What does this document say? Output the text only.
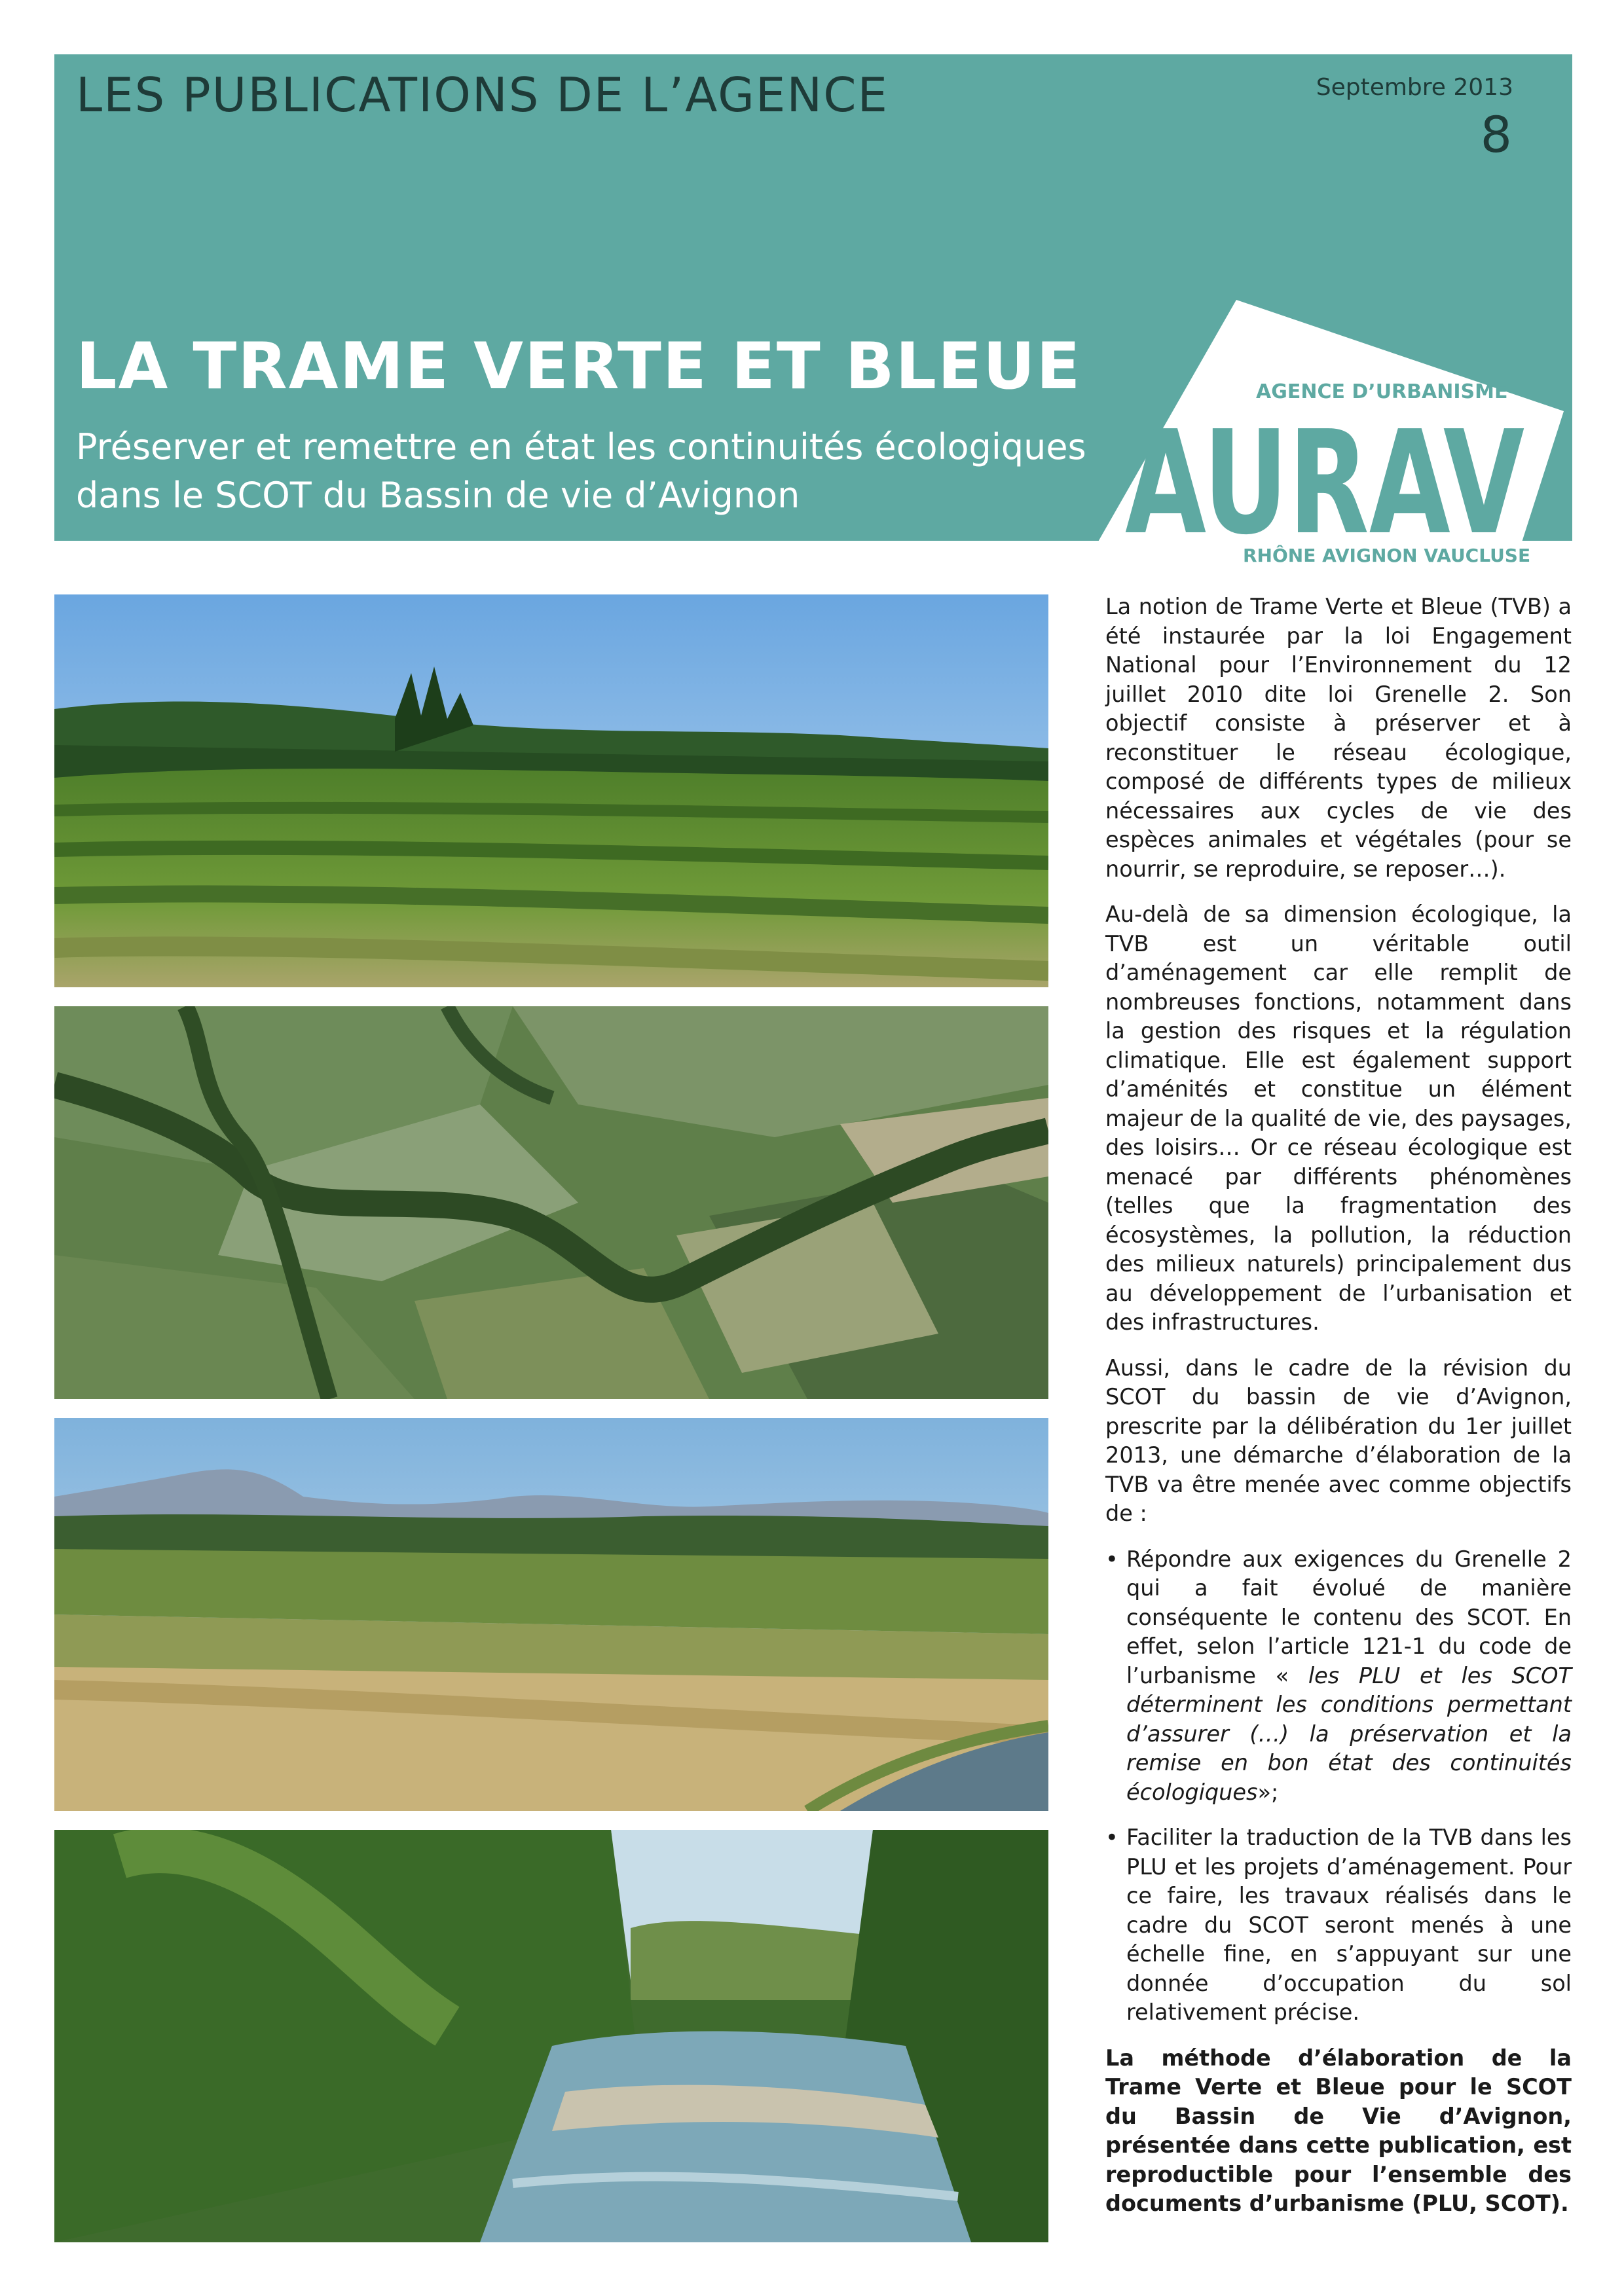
LES PUBLICATIONS DE L’AGENCE	Septembre 2013
8
LA TRAME VERTE ET BLEUE
Préserver et remettre en état les continuités écologiques
dans le SCOT du Bassin de vie d’Avignon
AGENCE D’URBANISME
AURAV
RHÔNE AVIGNON VAUCLUSE

La notion de Trame Verte et Bleue (TVB) a été instaurée par la loi Engagement National pour l’Environnement du 12 juillet 2010 dite loi Grenelle 2. Son objectif consiste à préserver et à reconstituer le réseau écologique, composé de différents types de milieux nécessaires aux cycles de vie des espèces animales et végétales (pour se nourrir, se reproduire, se reposer…).

Au-delà de sa dimension écologique, la TVB est un véritable outil d’aménagement car elle remplit de nombreuses fonctions, notamment dans la gestion des risques et la régulation climatique. Elle est également support d’aménités et constitue un élément majeur de la qualité de vie, des paysages, des loisirs… Or ce réseau écologique est menacé par différents phénomènes (telles que la fragmentation des écosystèmes, la pollution, la réduction des milieux naturels) principalement dus au développement de l’urbanisation et des infrastructures.

Aussi, dans le cadre de la révision du SCOT du bassin de vie d’Avignon, prescrite par la délibération du 1er juillet 2013, une démarche d’élaboration de la TVB va être menée avec comme objectifs de :

• Répondre aux exigences du Grenelle 2 qui a fait évolué de manière conséquente le contenu des SCOT. En effet, selon l’article 121-1 du code de l’urbanisme « les PLU et les SCOT déterminent les conditions permettant d’assurer (…) la préservation et la remise en bon état des continuités écologiques»;
• Faciliter la traduction de la TVB dans les PLU et les projets d’aménagement. Pour ce faire, les travaux réalisés dans le cadre du SCOT seront menés à une échelle fine, en s’appuyant sur une donnée d’occupation du sol relativement précise.

La méthode d’élaboration de la Trame Verte et Bleue pour le SCOT du Bassin de Vie d’Avignon, présentée dans cette publication, est reproductible pour l’ensemble des documents d’urbanisme (PLU, SCOT).
